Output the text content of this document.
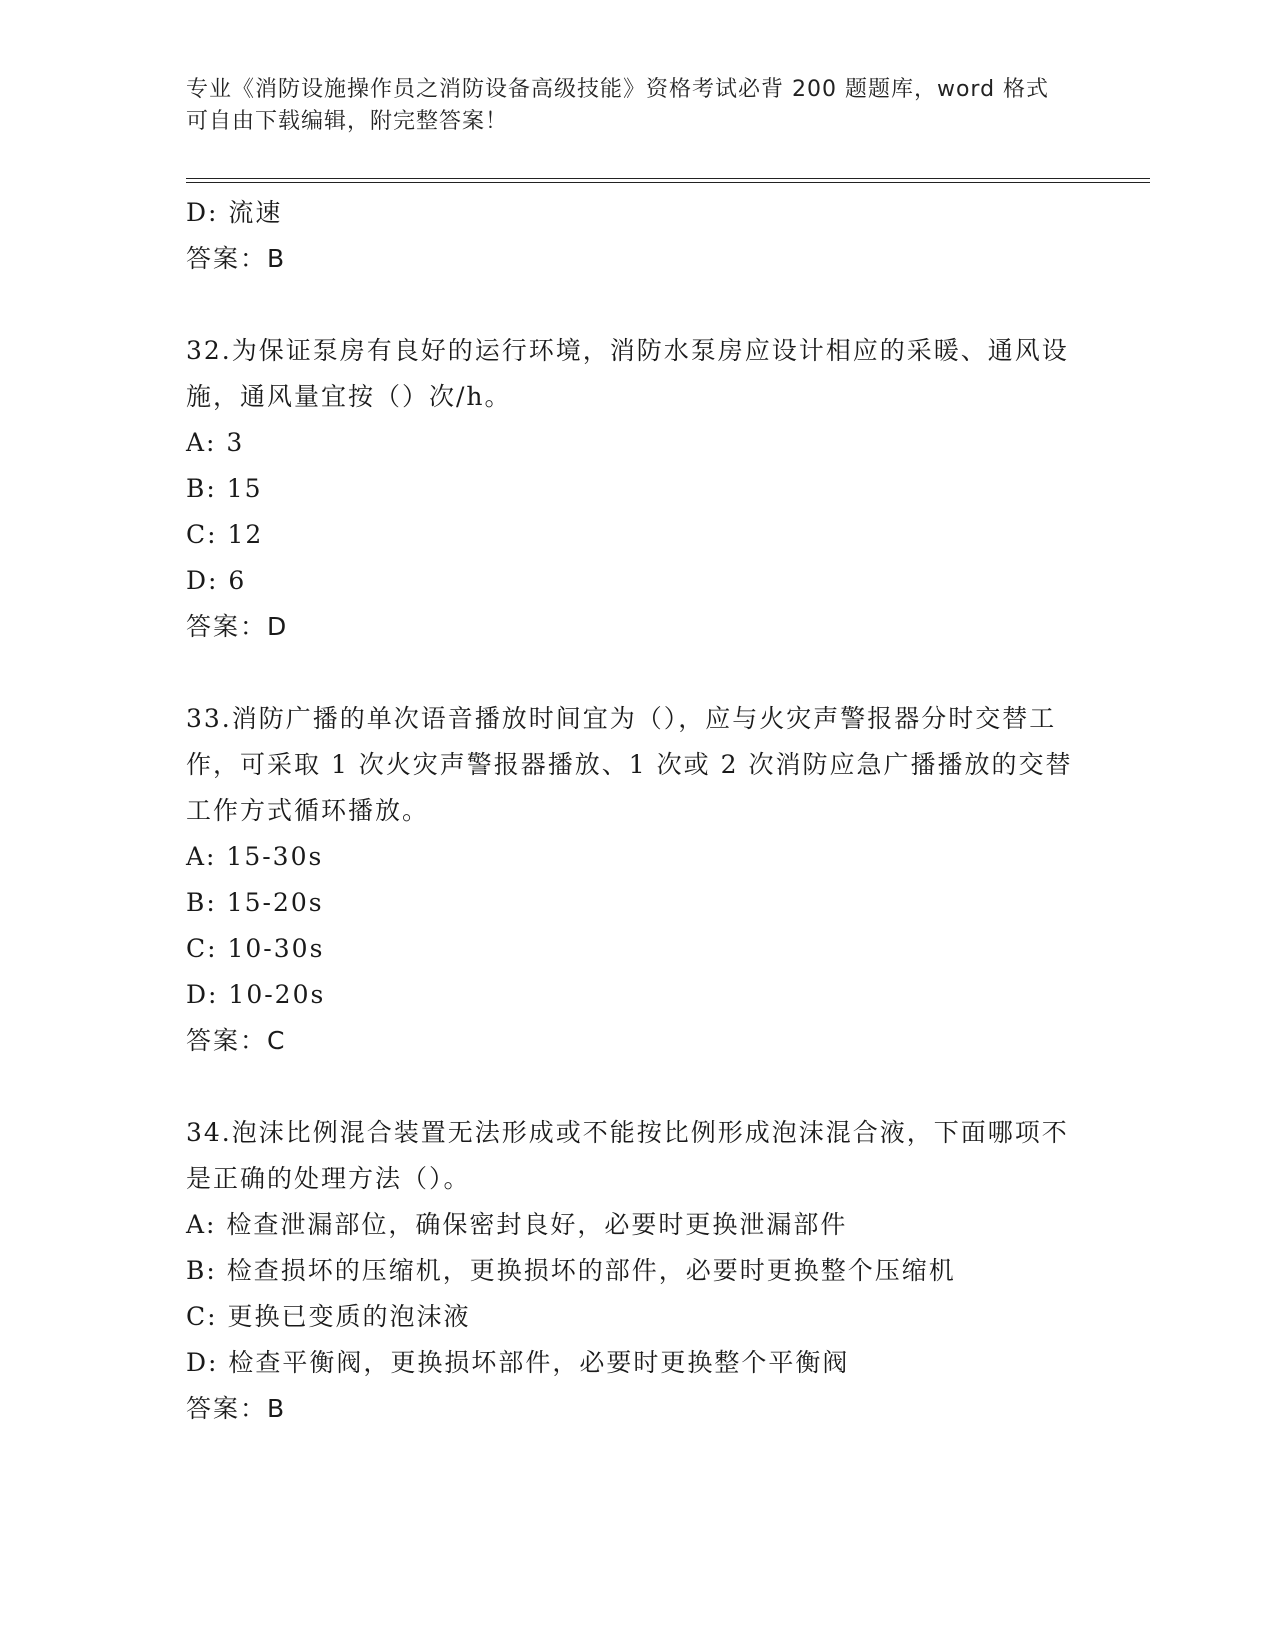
专业《消防设施操作员之消防设备高级技能》资格考试必背 200 题题库，word 格式可自由下载编辑，附完整答案！
D: 流速
答案：B
32.为保证泵房有良好的运行环境，消防水泵房应设计相应的采暖、通风设施，通风量宜按（）次/h。
A: 3
B: 15
C: 12
D: 6
答案：D
33.消防广播的单次语音播放时间宜为（），应与火灾声警报器分时交替工作，可采取 1 次火灾声警报器播放、1 次或 2 次消防应急广播播放的交替工作方式循环播放。
A: 15-30s
B: 15-20s
C: 10-30s
D: 10-20s
答案：C
34.泡沫比例混合装置无法形成或不能按比例形成泡沫混合液，下面哪项不是正确的处理方法（）。
A: 检查泄漏部位，确保密封良好，必要时更换泄漏部件
B: 检查损坏的压缩机，更换损坏的部件，必要时更换整个压缩机
C: 更换已变质的泡沫液
D: 检查平衡阀，更换损坏部件，必要时更换整个平衡阀
答案：B
